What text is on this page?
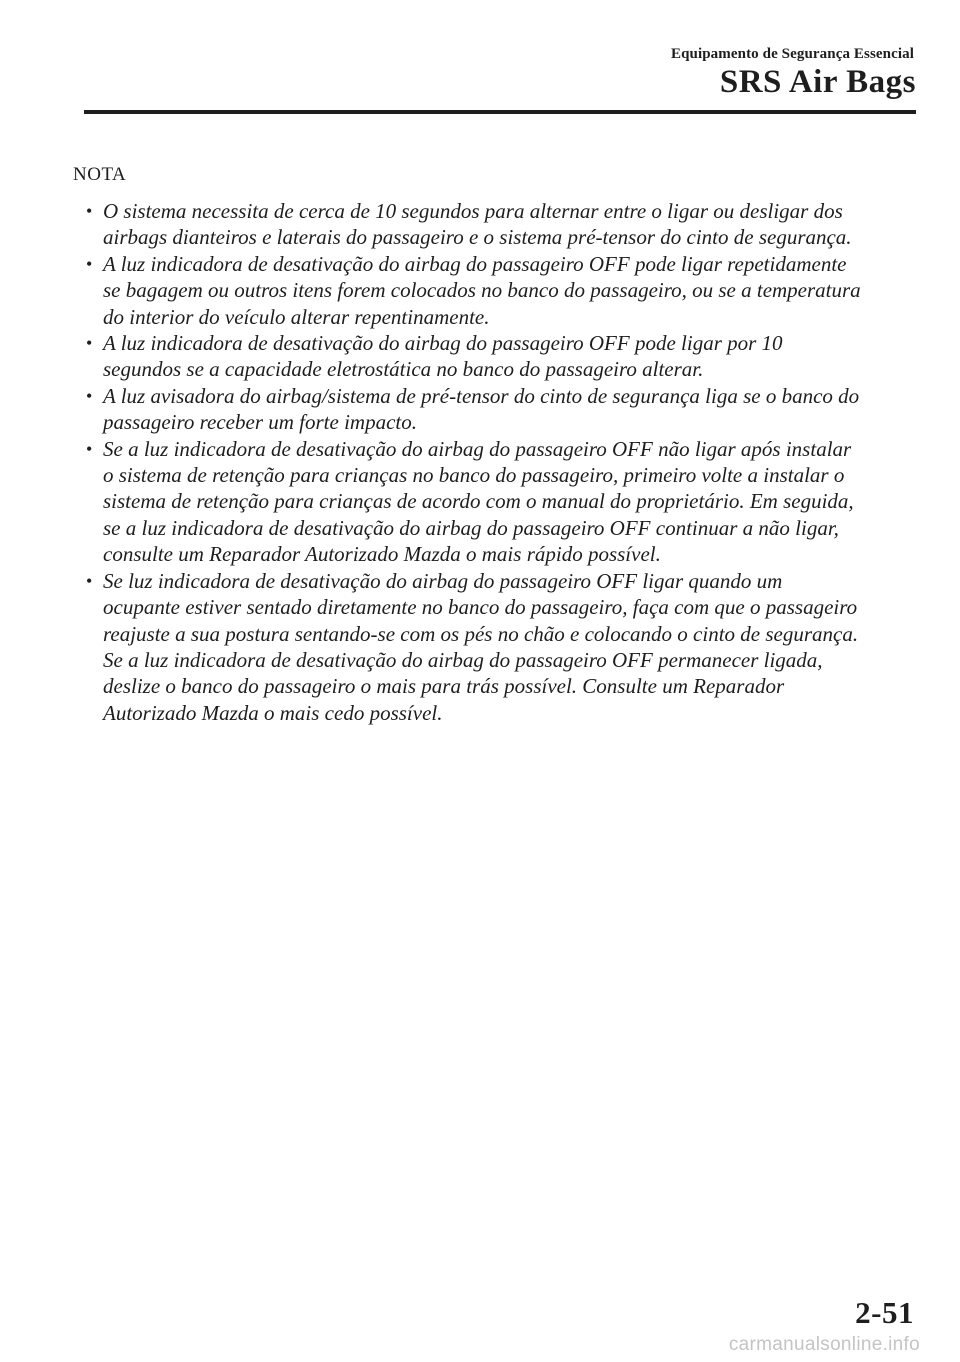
Equipamento de Segurança Essencial
SRS Air Bags
NOTA
• O sistema necessita de cerca de 10 segundos para alternar entre o ligar ou desligar dos
airbags dianteiros e laterais do passageiro e o sistema pré-tensor do cinto de segurança.
• A luz indicadora de desativação do airbag do passageiro OFF pode ligar repetidamente
se bagagem ou outros itens forem colocados no banco do passageiro, ou se a temperatura
do interior do veículo alterar repentinamente.
• A luz indicadora de desativação do airbag do passageiro OFF pode ligar por 10
segundos se a capacidade eletrostática no banco do passageiro alterar.
• A luz avisadora do airbag/sistema de pré-tensor do cinto de segurança liga se o banco do
passageiro receber um forte impacto.
• Se a luz indicadora de desativação do airbag do passageiro OFF não ligar após instalar
o sistema de retenção para crianças no banco do passageiro, primeiro volte a instalar o
sistema de retenção para crianças de acordo com o manual do proprietário. Em seguida,
se a luz indicadora de desativação do airbag do passageiro OFF continuar a não ligar,
consulte um Reparador Autorizado Mazda o mais rápido possível.
• Se luz indicadora de desativação do airbag do passageiro OFF ligar quando um
ocupante estiver sentado diretamente no banco do passageiro, faça com que o passageiro
reajuste a sua postura sentando-se com os pés no chão e colocando o cinto de segurança.
Se a luz indicadora de desativação do airbag do passageiro OFF permanecer ligada,
deslize o banco do passageiro o mais para trás possível. Consulte um Reparador
Autorizado Mazda o mais cedo possível.
2-51
carmanualsonline.info
